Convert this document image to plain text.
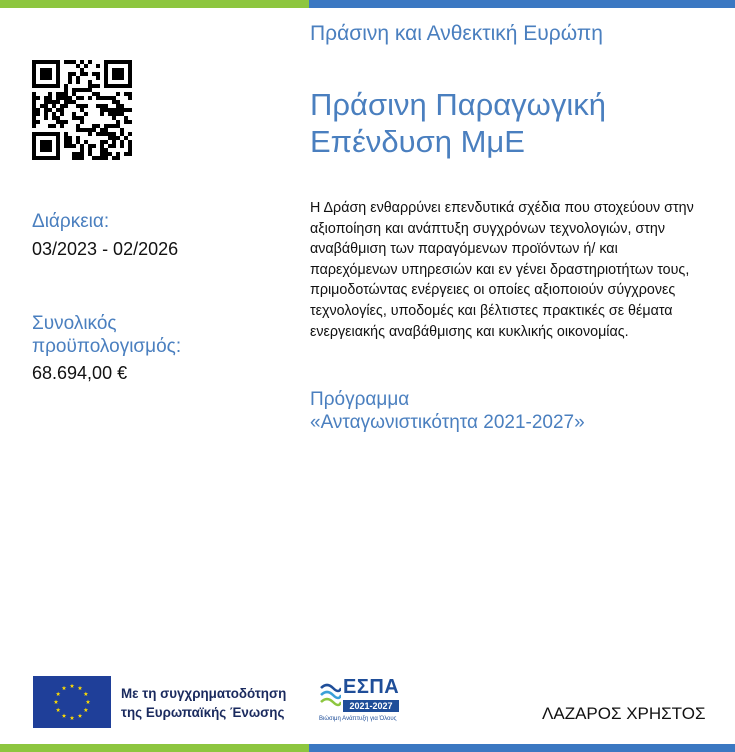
Διάρκεια:
03/2023 - 02/2026
Συνολικός προϋπολογισμός:
68.694,00 €
Πράσινη και Ανθεκτική Ευρώπη
Πράσινη Παραγωγική Επένδυση ΜμΕ
Η Δράση ενθαρρύνει επενδυτικά σχέδια που στοχεύουν στην αξιοποίηση και ανάπτυξη συγχρόνων τεχνολογιών, στην αναβάθμιση των παραγόμενων προϊόντων ή/ και παρεχόμενων υπηρεσιών και εν γένει δραστηριοτήτων τους, πριμοδοτώντας ενέργειες οι οποίες αξιοποιούν σύγχρονες τεχνολογίες, υποδομές και βέλτιστες πρακτικές σε θέματα ενεργειακής αναβάθμισης και κυκλικής οικονομίας.
Πρόγραμμα
«Ανταγωνιστικότητα 2021-2027»
Με τη συγχρηματοδότηση
της Ευρωπαϊκής Ένωσης
ΕΣΠΑ
2021-2027
Βιώσιμη Ανάπτυξη για Όλους	ΛΑΖΑΡΟΣ ΧΡΗΣΤΟΣ
